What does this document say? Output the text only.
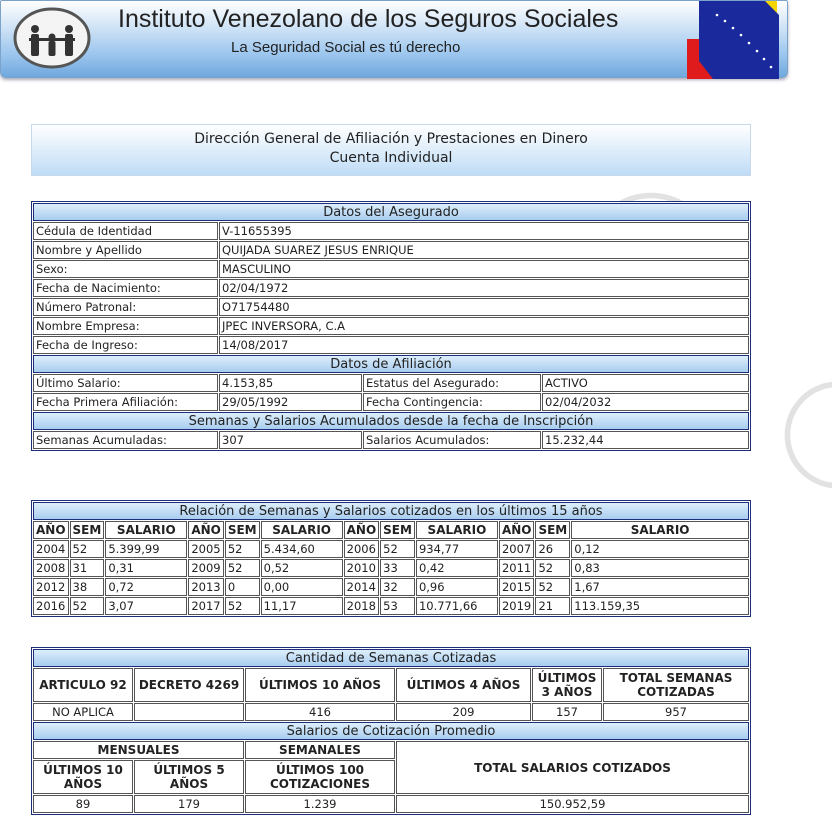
Instituto Venezolano de los Seguros Sociales
La Seguridad Social es tú derecho
Dirección General de Afiliación y Prestaciones en Dinero
Cuenta Individual
Datos del Asegurado			
Cédula de Identidad	V-11655395		
Nombre y Apellido	QUIJADA SUAREZ JESUS ENRIQUE		
Sexo:	MASCULINO		
Fecha de Nacimiento:	02/04/1972		
Número Patronal:	O71754480		
Nombre Empresa:	JPEC INVERSORA, C.A		
Fecha de Ingreso:	14/08/2017		
Datos de Afiliación			
Último Salario:	4.153,85	Estatus del Asegurado:	ACTIVO
Fecha Primera Afiliación:	29/05/1992	Fecha Contingencia:	02/04/2032
Semanas y Salarios Acumulados desde la fecha de Inscripción			
Semanas Acumuladas:	307	Salarios Acumulados:	15.232,44
Relación de Semanas y Salarios cotizados en los últimos 15 años											
AÑO	SEM	SALARIO	AÑO	SEM	SALARIO	AÑO	SEM	SALARIO	AÑO	SEM	SALARIO
2004	52	5.399,99	2005	52	5.434,60	2006	52	934,77	2007	26	0,12
2008	31	0,31	2009	52	0,52	2010	33	0,42	2011	52	0,83
2012	38	0,72	2013	0	0,00	2014	32	0,96	2015	52	1,67
2016	52	3,07	2017	52	11,17	2018	53	10.771,66	2019	21	113.159,35
Cantidad de Semanas Cotizadas					
ARTICULO 92	DECRETO 4269	ÚLTIMOS 10 AÑOS	ÚLTIMOS 4 AÑOS	ÚLTIMOS 3 AÑOS	TOTAL SEMANAS COTIZADAS
NO APLICA		416	209	157	957
Salarios de Cotización Promedio					
MENSUALES		SEMANALES	TOTAL SALARIOS COTIZADOS		
ÚLTIMOS 10 AÑOS	ÚLTIMOS 5 AÑOS	ÚLTIMOS 100 COTIZACIONES			
89	179	1.239	150.952,59		
